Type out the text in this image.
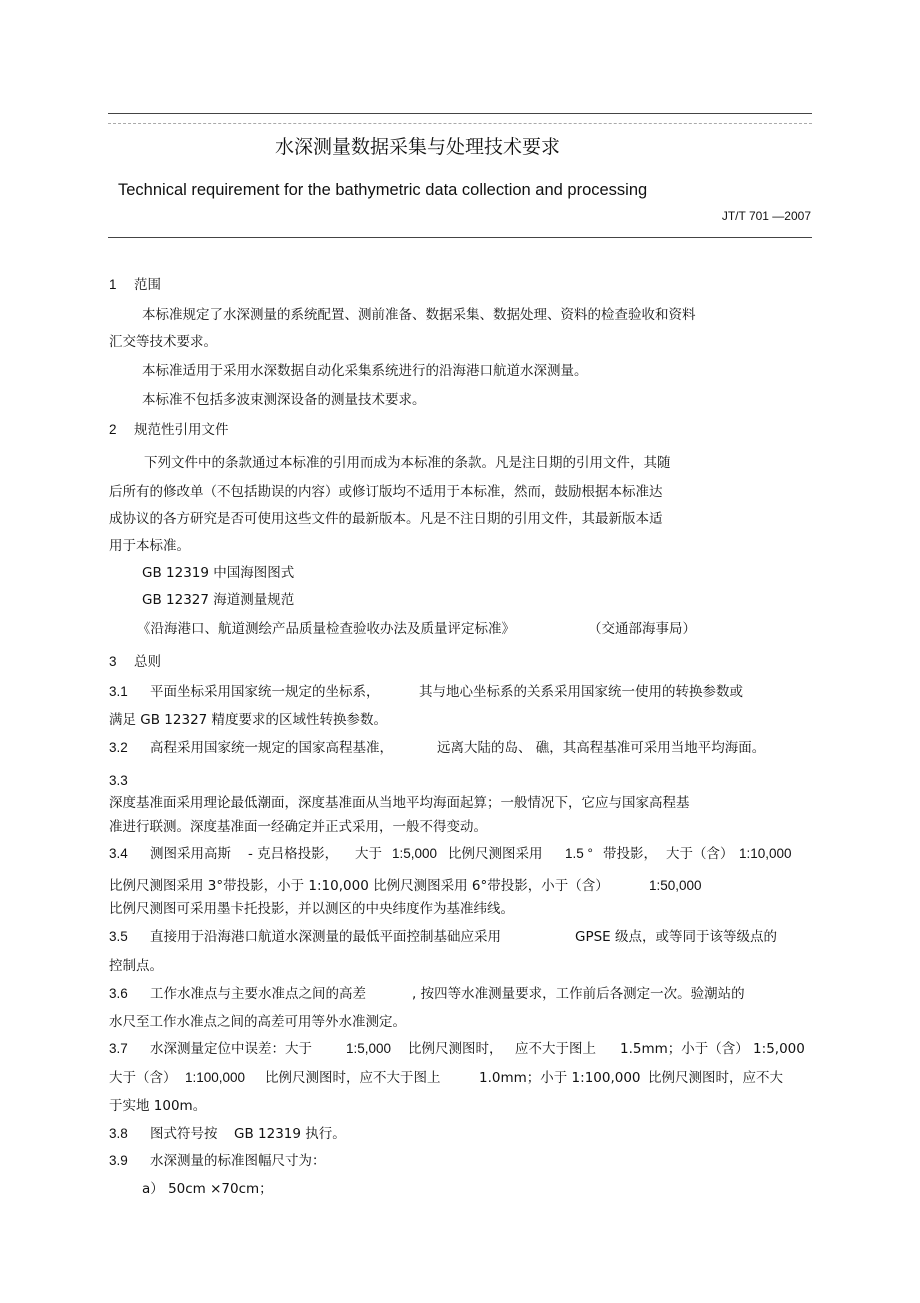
水深测量数据采集与处理技术要求
Technical requirement for the bathymetric data collection and processing
JT/T 701 —2007
1 范围
本标准规定了水深测量的系统配置、测前准备、数据采集、数据处理、资料的检查验收和资料
汇交等技术要求。
本标准适用于采用水深数据自动化采集系统进行的沿海港口航道水深测量。
本标准不包括多波束测深设备的测量技术要求。
2 规范性引用文件
下列文件中的条款通过本标准的引用而成为本标准的条款。凡是注日期的引用文件，其随
后所有的修改单（不包括勘误的内容）或修订版均不适用于本标准，然而，鼓励根据本标准达
成协议的各方研究是否可使用这些文件的最新版本。凡是不注日期的引用文件，其最新版本适
用于本标准。
GB 12319 中国海图图式
GB 12327 海道测量规范
《沿海港口、航道测绘产品质量检查验收办法及质量评定标准》	（交通部海事局）
3 总则
3.1 平面坐标采用国家统一规定的坐标系，	其与地心坐标系的关系采用国家统一使用的转换参数或
满足 GB 12327 精度要求的区域性转换参数。
3.2 高程采用国家统一规定的国家高程基准，	远离大陆的岛、 礁，其高程基准可采用当地平均海面。
3.3
深度基准面采用理论最低潮面，深度基准面从当地平均海面起算；一般情况下，它应与国家高程基
准进行联测。深度基准面一经确定并正式采用，一般不得变动。
3.4 测图采用高斯 - 克吕格投影， 大于 1:5,000 比例尺测图采用 1.5 ° 带投影， 大于（含） 1:10,000
比例尺测图采用 3°带投影，小于 1:10,000 比例尺测图采用 6°带投影，小于（含）	1:50,000
比例尺测图可采用墨卡托投影，并以测区的中央纬度作为基准纬线。
3.5 直接用于沿海港口航道水深测量的最低平面控制基础应采用	GPSE 级点，或等同于该等级点的
控制点。
3.6 工作水准点与主要水准点之间的高差	, 按四等水准测量要求，工作前后各测定一次。验潮站的
水尺至工作水准点之间的高差可用等外水准测定。
3.7 水深测量定位中误差：大于	1:5,000 比例尺测图时， 应不大于图上 1.5mm；小于（含） 1:5,000
大于（含） 1:100,000 比例尺测图时，应不大于图上	1.0mm；小于 1:100,000 比例尺测图时，应不大
于实地 100m。
3.8 图式符号按 GB 12319 执行。
3.9 水深测量的标准图幅尺寸为：
a） 50cm ×70cm；
